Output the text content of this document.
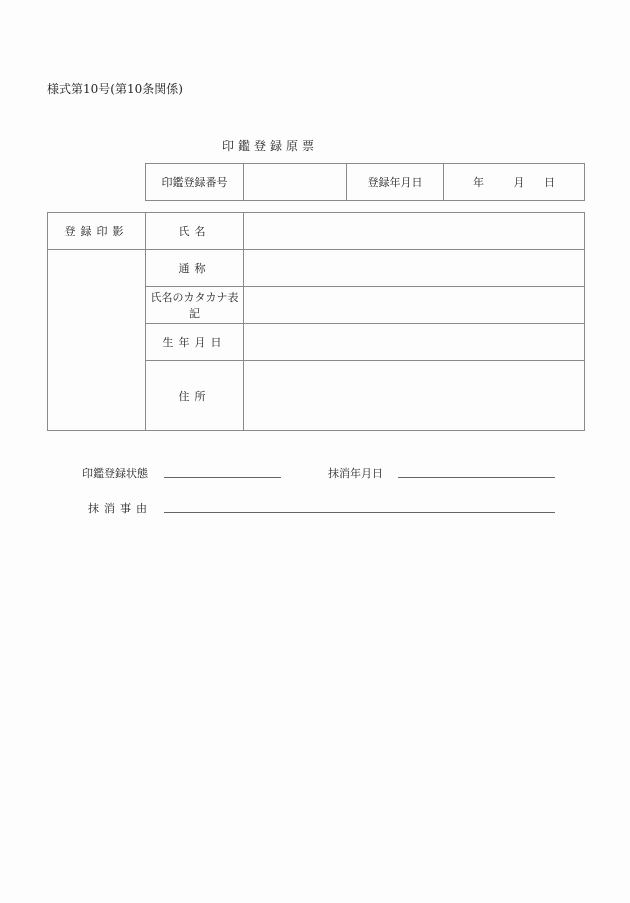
様式第10号(第10条関係)
印鑑登録原票
印鑑登録番号		登録年月日	年	月 日
登録印影	氏名	
	通称	
	氏名のカタカナ表記	
	生年月日	
	住所	
印鑑登録状態	抹消年月日
抹消事由
